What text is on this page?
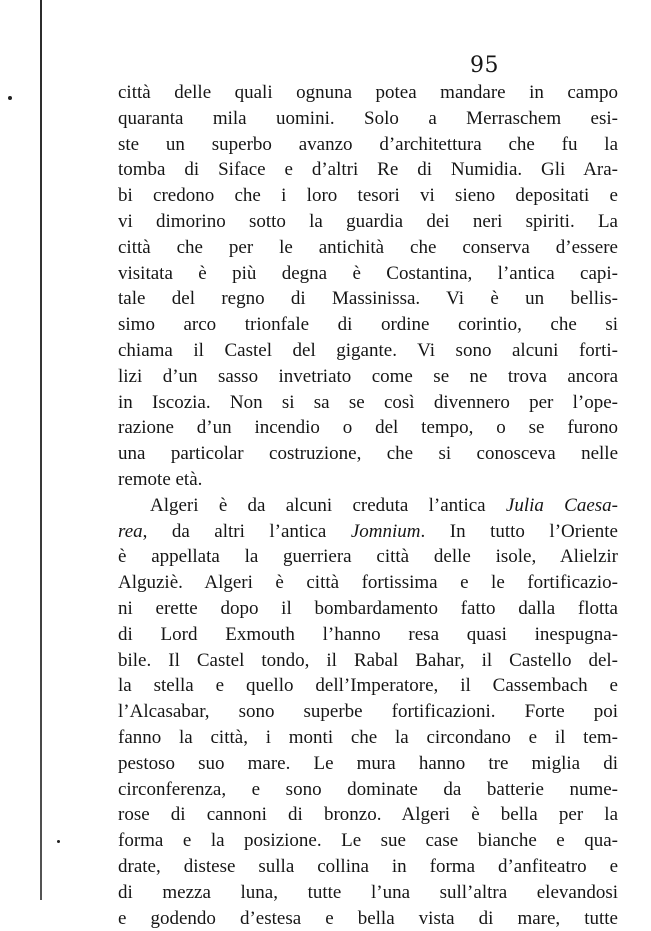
95
città delle quali ognuna potea mandare in campo
quaranta mila uomini. Solo a Merraschem esi-
ste un superbo avanzo d’architettura che fu la
tomba di Siface e d’altri Re di Numidia. Gli Ara-
bi credono che i loro tesori vi sieno depositati e
vi dimorino sotto la guardia dei neri spiriti. La
città che per le antichità che conserva d’essere
visitata è più degna è Costantina, l’antica capi-
tale del regno di Massinissa. Vi è un bellis-
simo arco trionfale di ordine corintio, che si
chiama il Castel del gigante. Vi sono alcuni forti-
lizi d’un sasso invetriato come se ne trova ancora
in Iscozia. Non si sa se così divennero per l’ope-
razione d’un incendio o del tempo, o se furono
una particolar costruzione, che si conosceva nelle
remote età.
Algeri è da alcuni creduta l’antica Julia Caesa-
rea, da altri l’antica Jomnium. In tutto l’Oriente
è appellata la guerriera città delle isole, Alielzir
Alguziè. Algeri è città fortissima e le fortificazio-
ni erette dopo il bombardamento fatto dalla flotta
di Lord Exmouth l’hanno resa quasi inespugna-
bile. Il Castel tondo, il Rabal Bahar, il Castello del-
la stella e quello dell’Imperatore, il Cassembach e
l’Alcasabar, sono superbe fortificazioni. Forte poi
fanno la città, i monti che la circondano e il tem-
pestoso suo mare. Le mura hanno tre miglia di
circonferenza, e sono dominate da batterie nume-
rose di cannoni di bronzo. Algeri è bella per la
forma e la posizione. Le sue case bianche e qua-
drate, distese sulla collina in forma d’anfiteatro e
di mezza luna, tutte l’una sull’altra elevandosi
e godendo d’estesa e bella vista di mare, tutte
